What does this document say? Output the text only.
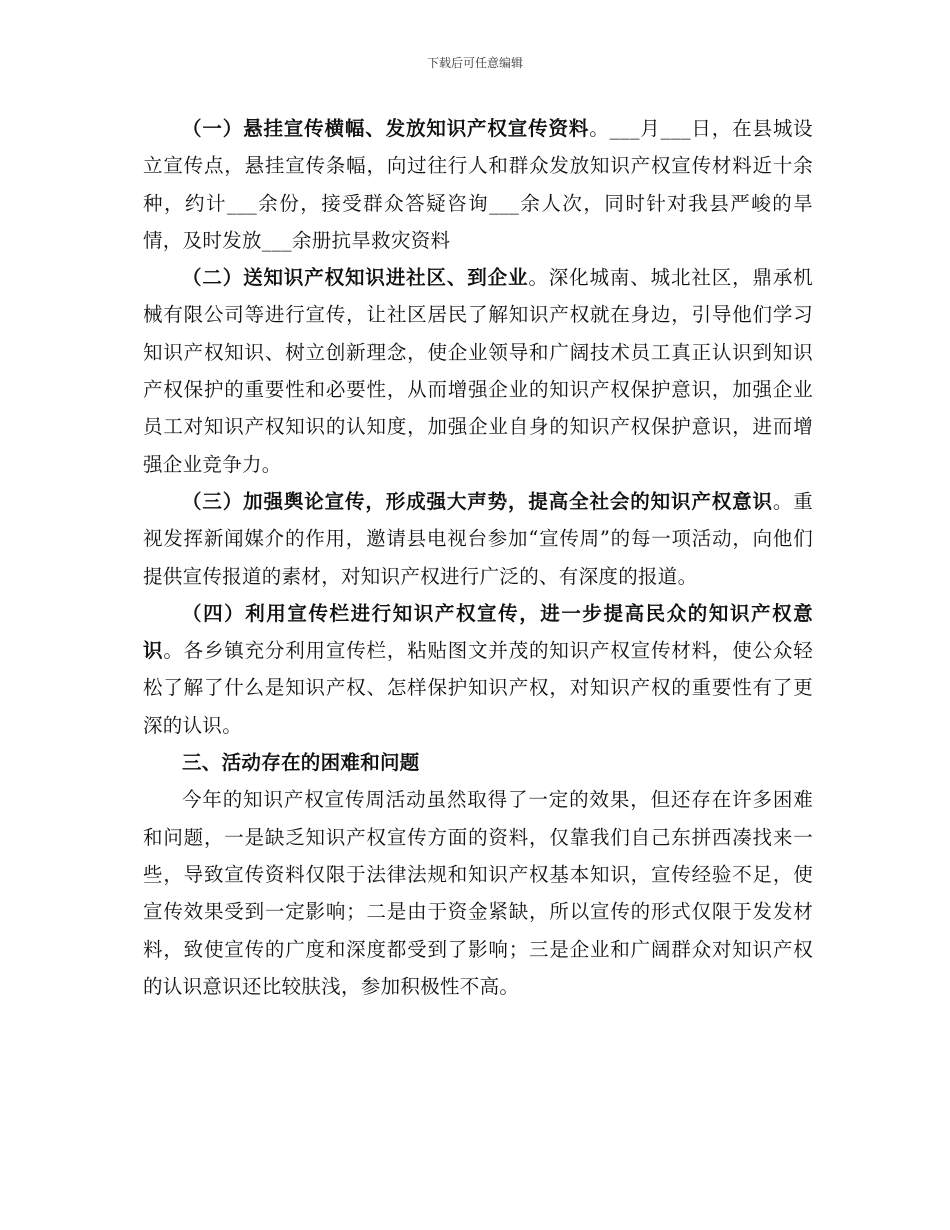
下载后可任意编辑

（一）悬挂宣传横幅、发放知识产权宣传资料。___月___日，在县城设立宣传点，悬挂宣传条幅，向过往行人和群众发放知识产权宣传材料近十余种，约计___余份，接受群众答疑咨询___余人次，同时针对我县严峻的旱情，及时发放___余册抗旱救灾资料

（二）送知识产权知识进社区、到企业。深化城南、城北社区，鼎承机械有限公司等进行宣传，让社区居民了解知识产权就在身边，引导他们学习知识产权知识、树立创新理念，使企业领导和广阔技术员工真正认识到知识产权保护的重要性和必要性，从而增强企业的知识产权保护意识，加强企业员工对知识产权知识的认知度，加强企业自身的知识产权保护意识，进而增强企业竞争力。

（三）加强舆论宣传，形成强大声势，提高全社会的知识产权意识。重视发挥新闻媒介的作用，邀请县电视台参加“宣传周”的每一项活动，向他们提供宣传报道的素材，对知识产权进行广泛的、有深度的报道。

（四）利用宣传栏进行知识产权宣传，进一步提高民众的知识产权意识。各乡镇充分利用宣传栏，粘贴图文并茂的知识产权宣传材料，使公众轻松了解了什么是知识产权、怎样保护知识产权，对知识产权的重要性有了更深的认识。

三、活动存在的困难和问题

今年的知识产权宣传周活动虽然取得了一定的效果，但还存在许多困难和问题，一是缺乏知识产权宣传方面的资料，仅靠我们自己东拼西凑找来一些，导致宣传资料仅限于法律法规和知识产权基本知识，宣传经验不足，使宣传效果受到一定影响；二是由于资金紧缺，所以宣传的形式仅限于发发材料，致使宣传的广度和深度都受到了影响；三是企业和广阔群众对知识产权的认识意识还比较肤浅，参加积极性不高。
